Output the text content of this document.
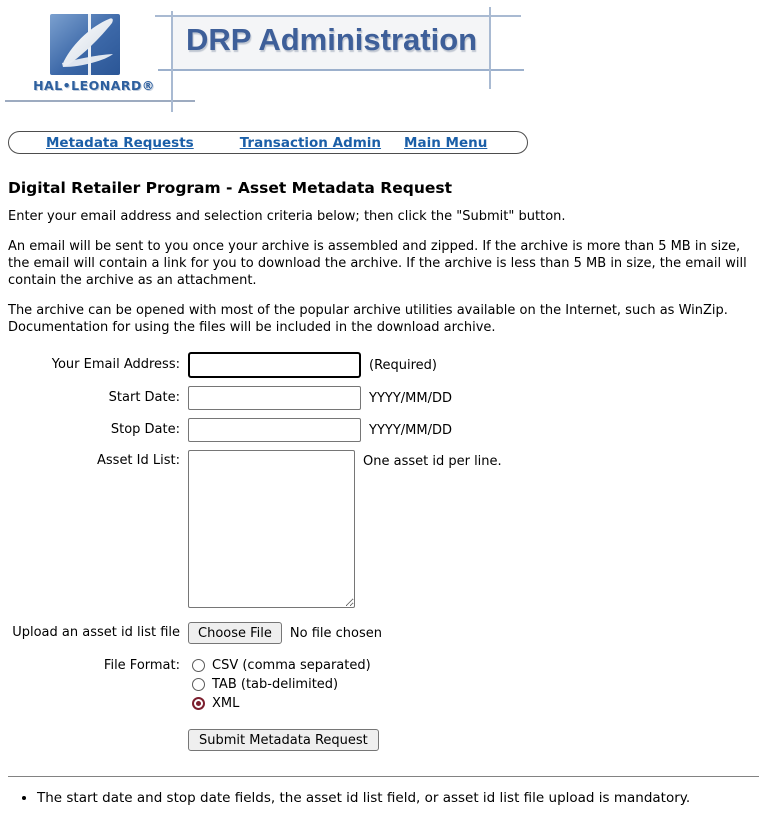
HAL•LEONARD®
DRP Administration
Metadata Requests	Transaction Admin Main Menu
Digital Retailer Program - Asset Metadata Request

Enter your email address and selection criteria below; then click the "Submit" button.

An email will be sent to you once your archive is assembled and zipped. If the archive is more than 5 MB in size, the email will contain a link for you to download the archive. If the archive is less than 5 MB in size, the email will contain the archive as an attachment.

The archive can be opened with most of the popular archive utilities available on the Internet, such as WinZip. Documentation for using the files will be included in the download archive.

Your Email Address:	(Required)
Start Date:	YYYY/MM/DD
Stop Date:	YYYY/MM/DD
Asset Id List:	One asset id per line.
Upload an asset id list file	Choose File	No file chosen
File Format: CSV (comma separated)
TAB (tab-delimited)
XML
Submit Metadata Request
• The start date and stop date fields, the asset id list field, or asset id list file upload is mandatory.
